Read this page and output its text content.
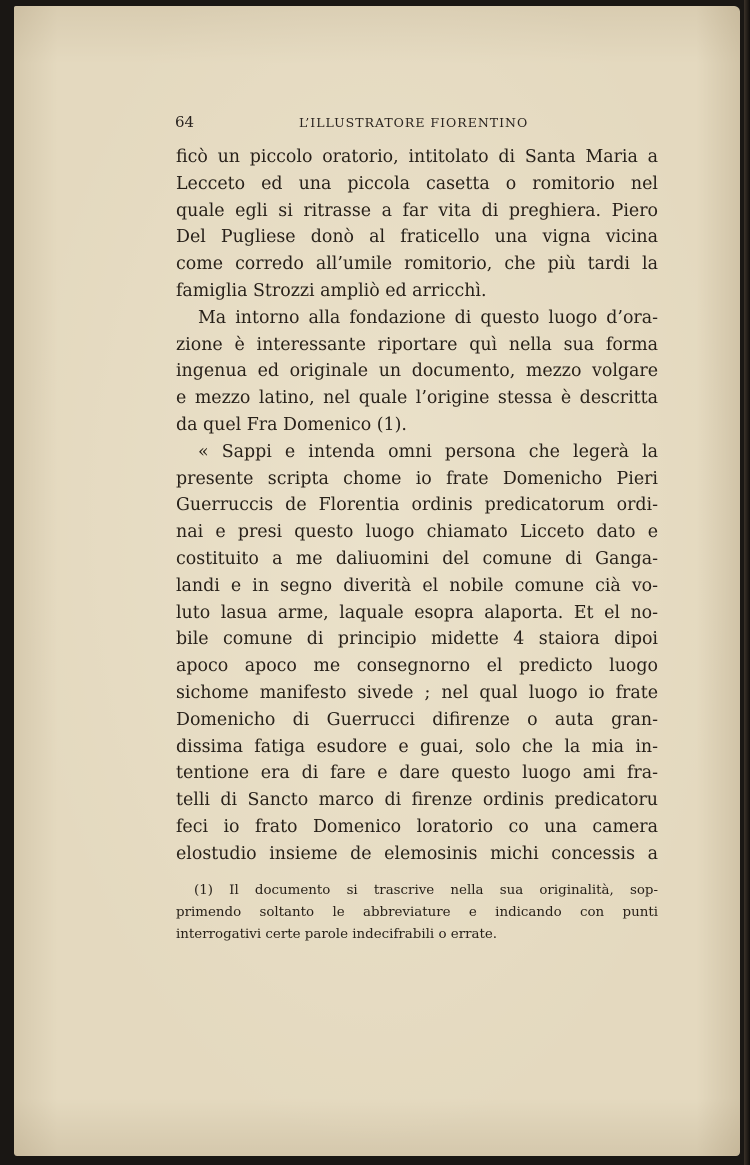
64	L’ILLUSTRATORE FIORENTINO
ficò un piccolo oratorio, intitolato di Santa Maria a
Lecceto ed una piccola casetta o romitorio nel
quale egli si ritrasse a far vita di preghiera. Piero
Del Pugliese donò al fraticello una vigna vicina
come corredo all’umile romitorio, che più tardi la
famiglia Strozzi ampliò ed arricchì.
Ma intorno alla fondazione di questo luogo d’ora-
zione è interessante riportare quì nella sua forma
ingenua ed originale un documento, mezzo volgare
e mezzo latino, nel quale l’origine stessa è descritta
da quel Fra Domenico (1).
« Sappi e intenda omni persona che legerà la
presente scripta chome io frate Domenicho Pieri
Guerruccis de Florentia ordinis predicatorum ordi-
nai e presi questo luogo chiamato Licceto dato e
costituito a me daliuomini del comune di Ganga-
landi e in segno diverità el nobile comune cià vo-
luto lasua arme, laquale esopra alaporta. Et el no-
bile comune di principio midette 4 staiora dipoi
apoco apoco me consegnorno el predicto luogo
sichome manifesto sivede ; nel qual luogo io frate
Domenicho di Guerrucci difirenze o auta gran-
dissima fatiga esudore e guai, solo che la mia in-
tentione era di fare e dare questo luogo ami fra-
telli di Sancto marco di firenze ordinis predicatoru
feci io frato Domenico loratorio co una camera
elostudio insieme de elemosinis michi concessis a
(1) Il documento si trascrive nella sua originalità, sop-
primendo soltanto le abbreviature e indicando con punti
interrogativi certe parole indecifrabili o errate.
